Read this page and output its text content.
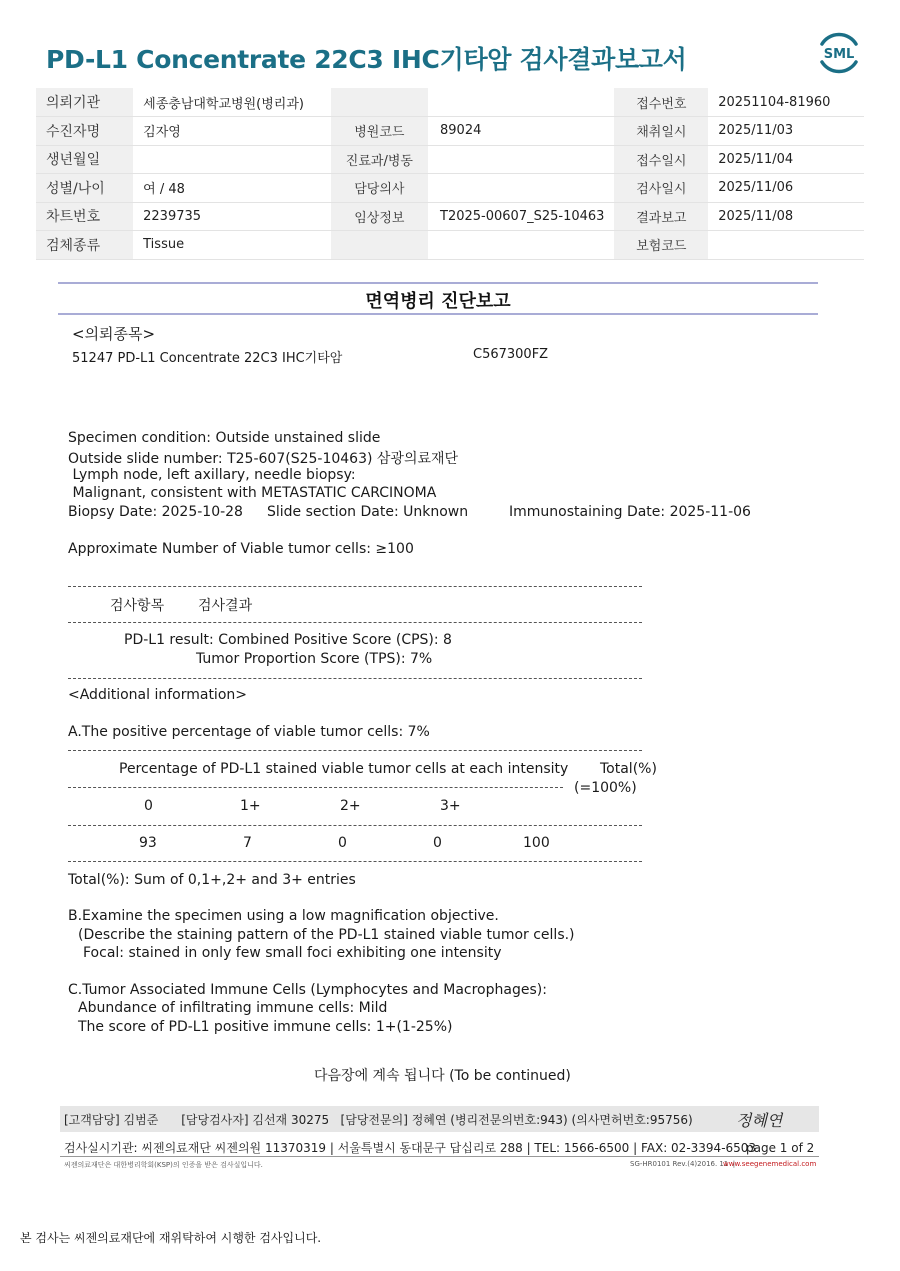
PD-L1 Concentrate 22C3 IHC기타암 검사결과보고서	SML
의뢰기관	세종충남대학교병원(병리과)			접수번호	20251104-81960
수진자명	김자영	병원코드	89024	채취일시	2025/11/03
생년월일		진료과/병동		접수일시	2025/11/04
성별/나이	여 / 48	담당의사		검사일시	2025/11/06
차트번호	2239735	임상정보	T2025-00607_S25-10463	결과보고	2025/11/08
검체종류	Tissue			보험코드	
면역병리 진단보고
<의뢰종목>
51247 PD-L1 Concentrate 22C3 IHC기타암	C567300FZ
Specimen condition: Outside unstained slide
Outside slide number: T25-607(S25-10463) 삼광의료재단
Lymph node, left axillary, needle biopsy:
Malignant, consistent with METASTATIC CARCINOMA
Biopsy Date: 2025-10-28 Slide section Date: Unknown	Immunostaining Date: 2025-11-06
Approximate Number of Viable tumor cells: ≥100
검사항목 검사결과
PD-L1 result: Combined Positive Score (CPS): 8
Tumor Proportion Score (TPS): 7%
<Additional information>
A.The positive percentage of viable tumor cells: 7%
Percentage of PD-L1 stained viable tumor cells at each intensity Total(%)
(=100%)
0	1+	2+	3+
93	7	0	0	100
Total(%): Sum of 0,1+,2+ and 3+ entries
B.Examine the specimen using a low magnification objective.
(Describe the staining pattern of the PD-L1 stained viable tumor cells.)
Focal: stained in only few small foci exhibiting one intensity
C.Tumor Associated Immune Cells (Lymphocytes and Macrophages):
Abundance of infiltrating immune cells: Mild
The score of PD-L1 positive immune cells: 1+(1-25%)
다음장에 계속 됩니다 (To be continued)
[고객담당] 김범준      [담당검사자] 김선재 30275   [담당전문의] 정혜연 (병리전문의번호:943) (의사면허번호:95756)	정혜연
검사실시기관: 씨젠의료재단 씨젠의원 11370319 | 서울특별시 동대문구 답십리로 288 | TEL: 1566-6500 | FAX: 02-3394-6503
page 1 of 2
씨젠의료재단은 대한병리학회(KSP)의 인증을 받은 검사실입니다.	SG-HR0101 Rev.(4)2016. 11  |
www.seegenemedical.com
본 검사는 씨젠의료재단에 재위탁하여 시행한 검사입니다.
